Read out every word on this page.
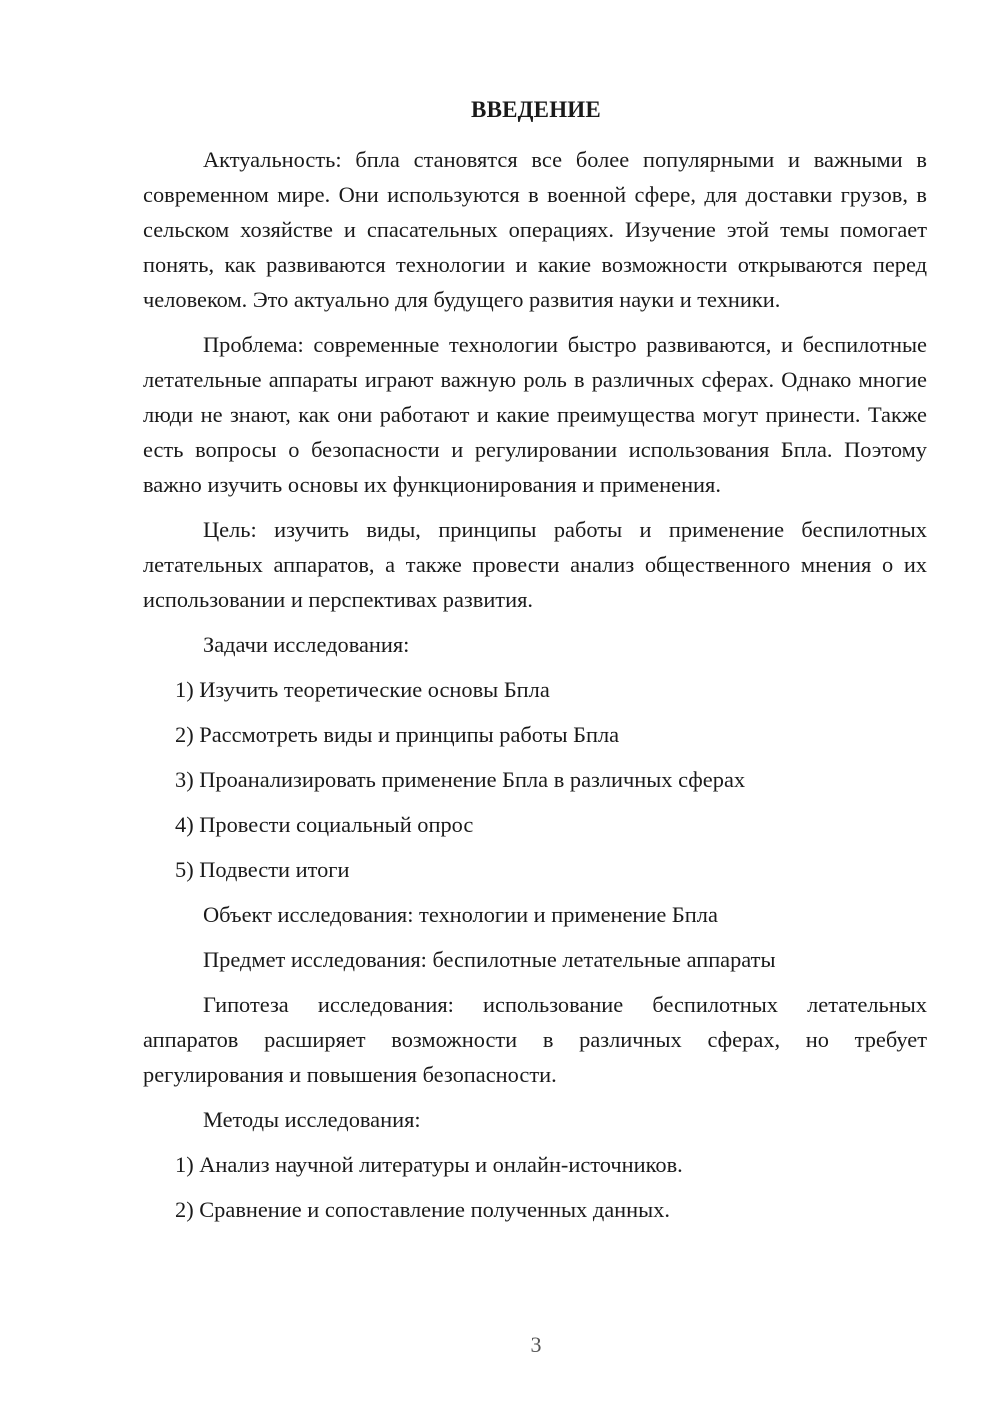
ВВЕДЕНИЕ

Актуальность: бпла становятся все более популярными и важными в современном мире. Они используются в военной сфере, для доставки грузов, в сельском хозяйстве и спасательных операциях. Изучение этой темы помогает понять, как развиваются технологии и какие возможности открываются перед человеком. Это актуально для будущего развития науки и техники.

Проблема: современные технологии быстро развиваются, и беспилотные летательные аппараты играют важную роль в различных сферах. Однако многие люди не знают, как они работают и какие преимущества могут принести. Также есть вопросы о безопасности и регулировании использования Бпла. Поэтому важно изучить основы их функционирования и применения.

Цель: изучить виды, принципы работы и применение беспилотных летательных аппаратов, а также провести анализ общественного мнения о их использовании и перспективах развития.

Задачи исследования:

1) Изучить теоретические основы Бпла

2) Рассмотреть виды и принципы работы Бпла

3) Проанализировать применение Бпла в различных сферах

4) Провести социальный опрос

5) Подвести итоги

Объект исследования: технологии и применение Бпла

Предмет исследования: беспилотные летательные аппараты

Гипотеза исследования: использование беспилотных летательных аппаратов расширяет возможности в различных сферах, но требует регулирования и повышения безопасности.

Методы исследования:

1) Анализ научной литературы и онлайн-источников.

2) Сравнение и сопоставление полученных данных.

3
